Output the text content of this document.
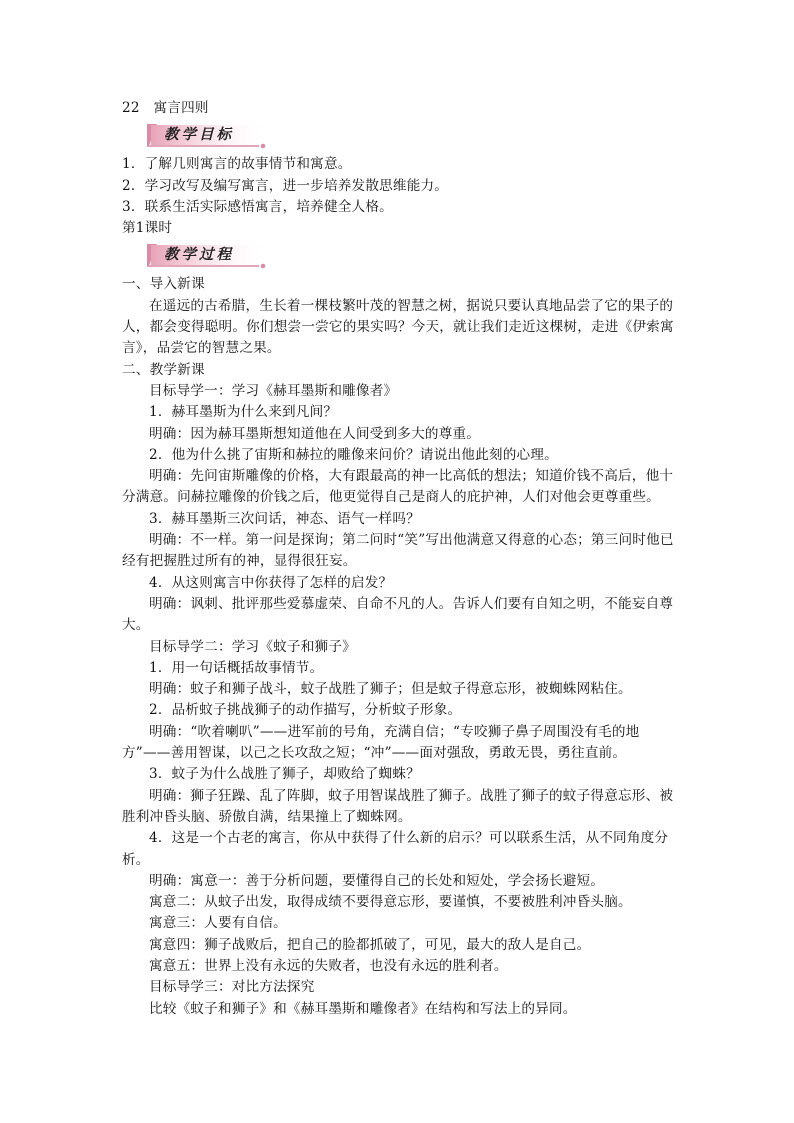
22　寓言四则

教学目标

1．了解几则寓言的故事情节和寓意。

2．学习改写及编写寓言，进一步培养发散思维能力。

3．联系生活实际感悟寓言，培养健全人格。

第1课时

教学过程

一、导入新课

在遥远的古希腊，生长着一棵枝繁叶茂的智慧之树，据说只要认真地品尝了它的果子的人，都会变得聪明。你们想尝一尝它的果实吗？今天，就让我们走近这棵树，走进《伊索寓言》，品尝它的智慧之果。

二、教学新课

目标导学一：学习《赫耳墨斯和雕像者》

1．赫耳墨斯为什么来到凡间？

明确：因为赫耳墨斯想知道他在人间受到多大的尊重。

2．他为什么挑了宙斯和赫拉的雕像来问价？请说出他此刻的心理。

明确：先问宙斯雕像的价格，大有跟最高的神一比高低的想法；知道价钱不高后，他十分满意。问赫拉雕像的价钱之后，他更觉得自己是商人的庇护神，人们对他会更尊重些。

3．赫耳墨斯三次问话，神态、语气一样吗？

明确：不一样。第一问是探询；第二问时“笑”写出他满意又得意的心态；第三问时他已经有把握胜过所有的神，显得很狂妄。

4．从这则寓言中你获得了怎样的启发？

明确：讽刺、批评那些爱慕虚荣、自命不凡的人。告诉人们要有自知之明，不能妄自尊大。

目标导学二：学习《蚊子和狮子》

1．用一句话概括故事情节。

明确：蚊子和狮子战斗，蚊子战胜了狮子；但是蚊子得意忘形，被蜘蛛网粘住。

2．品析蚊子挑战狮子的动作描写，分析蚊子形象。

明确：“吹着喇叭”——进军前的号角，充满自信；“专咬狮子鼻子周围没有毛的地方”——善用智谋，以己之长攻敌之短；“冲”——面对强敌，勇敢无畏，勇往直前。

3．蚊子为什么战胜了狮子，却败给了蜘蛛？

明确：狮子狂躁、乱了阵脚，蚊子用智谋战胜了狮子。战胜了狮子的蚊子得意忘形、被胜利冲昏头脑、骄傲自满，结果撞上了蜘蛛网。

4．这是一个古老的寓言，你从中获得了什么新的启示？可以联系生活，从不同角度分析。

明确：寓意一：善于分析问题，要懂得自己的长处和短处，学会扬长避短。

寓意二：从蚊子出发，取得成绩不要得意忘形，要谨慎，不要被胜利冲昏头脑。

寓意三：人要有自信。

寓意四：狮子战败后，把自己的脸都抓破了，可见，最大的敌人是自己。

寓意五：世界上没有永远的失败者，也没有永远的胜利者。

目标导学三：对比方法探究

比较《蚊子和狮子》和《赫耳墨斯和雕像者》在结构和写法上的异同。
